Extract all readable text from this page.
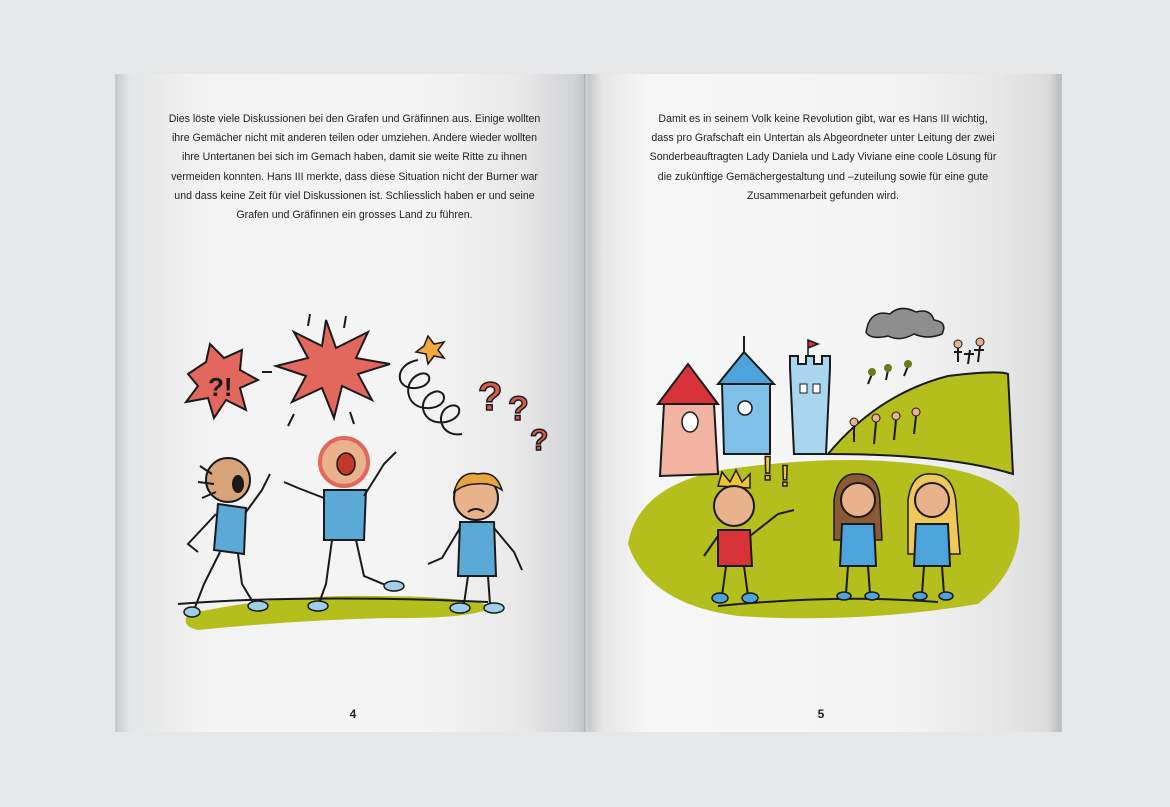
Dies löste viele Diskussionen bei den Grafen und Gräfinnen aus. Einige wollten
ihre Gemächer nicht mit anderen teilen oder umziehen. Andere wieder wollten
ihre Untertanen bei sich im Gemach haben, damit sie weite Ritte zu ihnen
vermeiden konnten. Hans III merkte, dass diese Situation nicht der Burner war
und dass keine Zeit für viel Diskussionen ist. Schliesslich haben er und seine
Grafen und Gräfinnen ein grosses Land zu führen.

?!	? ?
?
4

Damit es in seinem Volk keine Revolution gibt, war es Hans III wichtig,
dass pro Grafschaft ein Untertan als Abgeordneter unter Leitung der zwei
Sonderbeauftragten Lady Daniela und Lady Viviane eine coole Lösung für
die zukünftige Gemächergestaltung und –zuteilung sowie für eine gute
Zusammenarbeit gefunden wird.

! !
5
